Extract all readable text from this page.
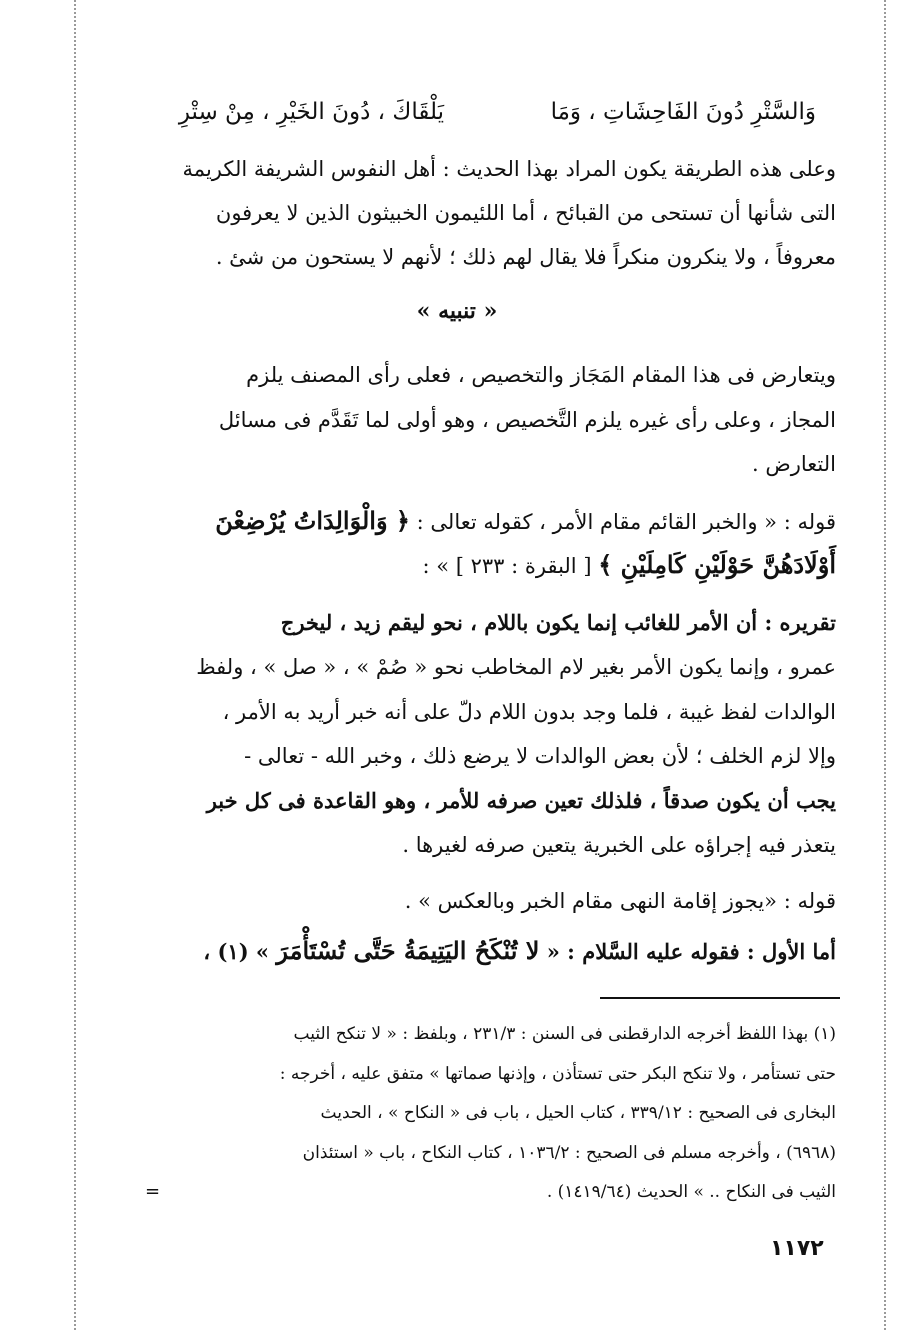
وَالسَّتْرِ دُونَ الفَاحِشَاتِ ، وَمَا
يَلْقَاكَ ، دُونَ الخَيْرِ ، مِنْ سِتْرِ
وعلى هذه الطريقة يكون المراد بهذا الحديث : أهل النفوس الشريفة الكريمة
التى شأنها أن تستحى من القبائح ، أما اللئيمون الخبيثون الذين لا يعرفون
معروفاً ، ولا ينكرون منكراً فلا يقال لهم ذلك ؛ لأنهم لا يستحون من شئ .
« تنبيه »
ويتعارض فى هذا المقام المَجَاز والتخصيص ، فعلى رأى المصنف يلزم
المجاز ، وعلى رأى غيره يلزم التَّخصيص ، وهو أولى لما تَقَدَّم فى مسائل
التعارض .
قوله : « والخبر القائم مقام الأمر ، كقوله تعالى : ﴿ وَالْوَالِدَاتُ يُرْضِعْنَ
أَوْلَادَهُنَّ حَوْلَيْنِ كَامِلَيْنِ ﴾ [ البقرة : ٢٣٣ ] » :
تقريره : أن الأمر للغائب إنما يكون باللام ، نحو ليقم زيد ، ليخرج
عمرو ، وإنما يكون الأمر بغير لام المخاطب نحو « صُمْ » ، « صل » ، ولفظ
الوالدات لفظ غيبة ، فلما وجد بدون اللام دلّ على أنه خبر أريد به الأمر ،
وإلا لزم الخلف ؛ لأن بعض الوالدات لا يرضع ذلك ، وخبر الله - تعالى -
يجب أن يكون صدقاً ، فلذلك تعين صرفه للأمر ، وهو القاعدة فى كل خبر
يتعذر فيه إجراؤه على الخبرية يتعين صرفه لغيرها .
قوله : «يجوز إقامة النهى مقام الخبر وبالعكس » .
أما الأول : فقوله عليه السَّلام : « لا تُنْكَحُ اليَتِيمَةُ حَتَّى تُسْتَأْمَرَ » (١) ،
(١) بهذا اللفظ أخرجه الدارقطنى فى السنن : ٢٣١/٣ ، وبلفظ : « لا تنكح الثيب
حتى تستأمر ، ولا تنكح البكر حتى تستأذن ، وإذنها صماتها » متفق عليه ، أخرجه :
البخارى فى الصحيح : ٣٣٩/١٢ ، كتاب الحيل ، باب فى « النكاح » ، الحديث
(٦٩٦٨) ، وأخرجه مسلم فى الصحيح : ١٠٣٦/٢ ، كتاب النكاح ، باب « استئذان
الثيب فى النكاح .. » الحديث (١٤١٩/٦٤) .
=
١١٧٢
